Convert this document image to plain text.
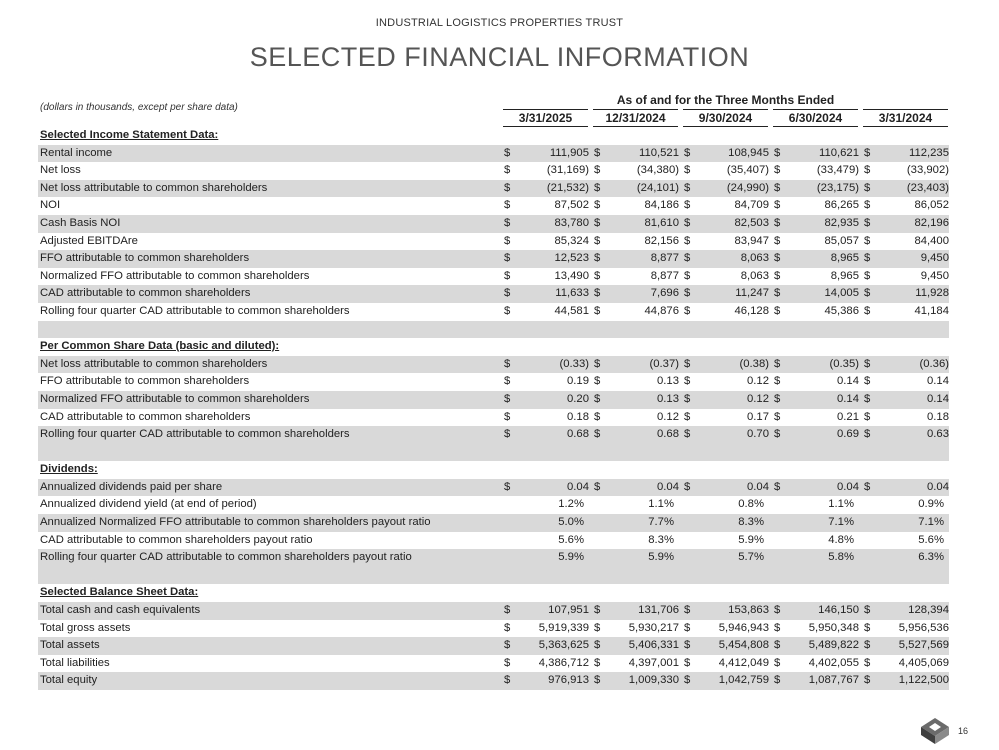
INDUSTRIAL LOGISTICS PROPERTIES TRUST
SELECTED FINANCIAL INFORMATION
(dollars in thousands, except per share data)
As of and for the Three Months Ended
3/31/2025	12/31/2024	9/30/2024	6/30/2024	3/31/2024
Selected Income Statement Data:
Rental income	$	111,905 $	110,521 $	108,945 $	110,621 $	112,235
Net loss	$	(31,169) $	(34,380) $	(35,407) $	(33,479) $	(33,902)
Net loss attributable to common shareholders	$	(21,532) $	(24,101) $	(24,990) $	(23,175) $	(23,403)
NOI	$	87,502 $	84,186 $	84,709 $	86,265 $	86,052
Cash Basis NOI	$	83,780 $	81,610 $	82,503 $	82,935 $	82,196
Adjusted EBITDAre	$	85,324 $	82,156 $	83,947 $	85,057 $	84,400
FFO attributable to common shareholders	$	12,523 $	8,877 $	8,063 $	8,965 $	9,450
Normalized FFO attributable to common shareholders	$	13,490 $	8,877 $	8,063 $	8,965 $	9,450
CAD attributable to common shareholders	$	11,633 $	7,696 $	11,247 $	14,005 $	11,928
Rolling four quarter CAD attributable to common shareholders	$	44,581 $	44,876 $	46,128 $	45,386 $	41,184
Per Common Share Data (basic and diluted):
Net loss attributable to common shareholders	$	(0.33) $	(0.37) $	(0.38) $	(0.35) $	(0.36)
FFO attributable to common shareholders	$	0.19 $	0.13 $	0.12 $	0.14 $	0.14
Normalized FFO attributable to common shareholders	$	0.20 $	0.13 $	0.12 $	0.14 $	0.14
CAD attributable to common shareholders	$	0.18 $	0.12 $	0.17 $	0.21 $	0.18
Rolling four quarter CAD attributable to common shareholders	$	0.68 $	0.68 $	0.70 $	0.69 $	0.63
Dividends:
Annualized dividends paid per share	$	0.04 $	0.04 $	0.04 $	0.04 $	0.04
Annualized dividend yield (at end of period)	1.2%	1.1%	0.8%	1.1%	0.9%
Annualized Normalized FFO attributable to common shareholders payout ratio	5.0%	7.7%	8.3%	7.1%	7.1%
CAD attributable to common shareholders payout ratio	5.6%	8.3%	5.9%	4.8%	5.6%
Rolling four quarter CAD attributable to common shareholders payout ratio	5.9%	5.9%	5.7%	5.8%	6.3%
Selected Balance Sheet Data:
Total cash and cash equivalents	$	107,951 $	131,706 $	153,863 $	146,150 $	128,394
Total gross assets	$	5,919,339 $	5,930,217 $	5,946,943 $	5,950,348 $	5,956,536
Total assets	$	5,363,625 $	5,406,331 $	5,454,808 $	5,489,822 $	5,527,569
Total liabilities	$	4,386,712 $	4,397,001 $	4,412,049 $	4,402,055 $	4,405,069
Total equity	$	976,913 $	1,009,330 $	1,042,759 $	1,087,767 $	1,122,500
16
